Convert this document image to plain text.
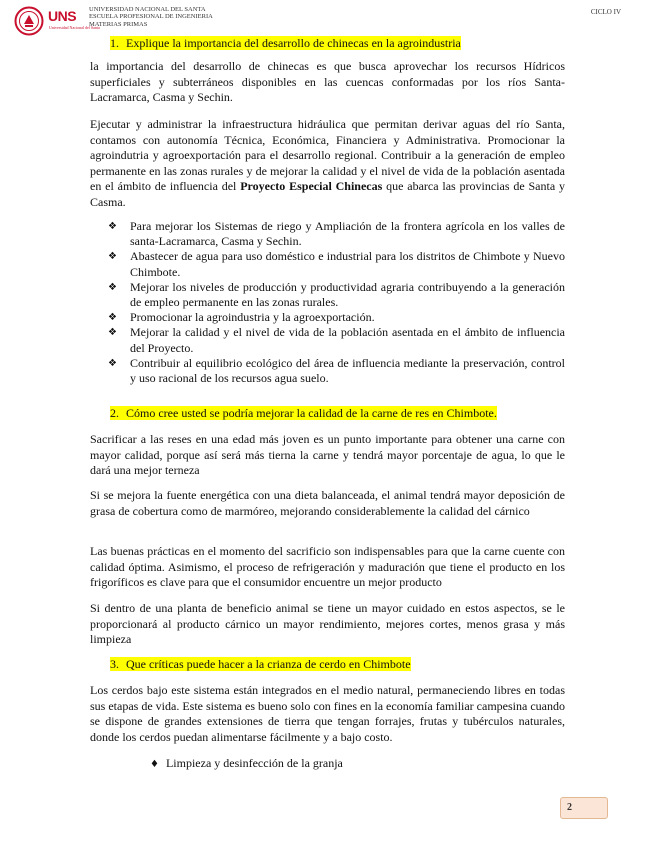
UNS
Universidad Nacional del Santa
UNIVERSIDAD NACIONAL DEL SANTA
ESCUELA PROFESIONAL DE INGENIERIA
MATERIAS PRIMAS
CICLO IV
1. Explique la importancia del desarrollo de chinecas en la agroindustria

la importancia del desarrollo de chinecas es que busca aprovechar los recursos Hídricos superficiales y subterráneos disponibles en las cuencas conformadas por los ríos Santa-Lacramarca, Casma y Sechin.

Ejecutar y administrar la infraestructura hidráulica que permitan derivar aguas del río Santa, contamos con autonomía Técnica, Económica, Financiera y Administrativa. Promocionar la agroindutria y agroexportación para el desarrollo regional. Contribuir a la generación de empleo permanente en las zonas rurales y de mejorar la calidad y el nivel de vida de la población asentada en el ámbito de influencia del Proyecto Especial Chinecas que abarca las provincias de Santa y Casma.

❖ Para mejorar los Sistemas de riego y Ampliación de la frontera agrícola en los valles de santa-Lacramarca, Casma y Sechin.
❖ Abastecer de agua para uso doméstico e industrial para los distritos de Chimbote y Nuevo Chimbote.
❖ Mejorar los niveles de producción y productividad agraria contribuyendo a la generación de empleo permanente en las zonas rurales.
❖ Promocionar la agroindustria y la agroexportación.
❖ Mejorar la calidad y el nivel de vida de la población asentada en el ámbito de influencia del Proyecto.
❖ Contribuir al equilibrio ecológico del área de influencia mediante la preservación, control y uso racional de los recursos agua suelo.
2. Cómo cree usted se podría mejorar la calidad de la carne de res en Chimbote.

Sacrificar a las reses en una edad más joven es un punto importante para obtener una carne con mayor calidad, porque así será más tierna la carne y tendrá mayor porcentaje de agua, lo que le dará una mejor terneza

Si se mejora la fuente energética con una dieta balanceada, el animal tendrá mayor deposición de grasa de cobertura como de marmóreo, mejorando considerablemente la calidad del cárnico

Las buenas prácticas en el momento del sacrificio son indispensables para que la carne cuente con calidad óptima. Asimismo, el proceso de refrigeración y maduración que tiene el producto en los frigoríficos es clave para que el consumidor encuentre un mejor producto

Si dentro de una planta de beneficio animal se tiene un mayor cuidado en estos aspectos, se le proporcionará al producto cárnico un mayor rendimiento, mejores cortes, menos grasa y más limpieza

3. Que críticas puede hacer a la crianza de cerdo en Chimbote

Los cerdos bajo este sistema están integrados en el medio natural, permaneciendo libres en todas sus etapas de vida. Este sistema es bueno solo con fines en la economía familiar campesina cuando se dispone de grandes extensiones de tierra que tengan forrajes, frutas y tubérculos naturales, donde los cerdos puedan alimentarse fácilmente y a bajo costo.

♦ Limpieza y desinfección de la granja
2
